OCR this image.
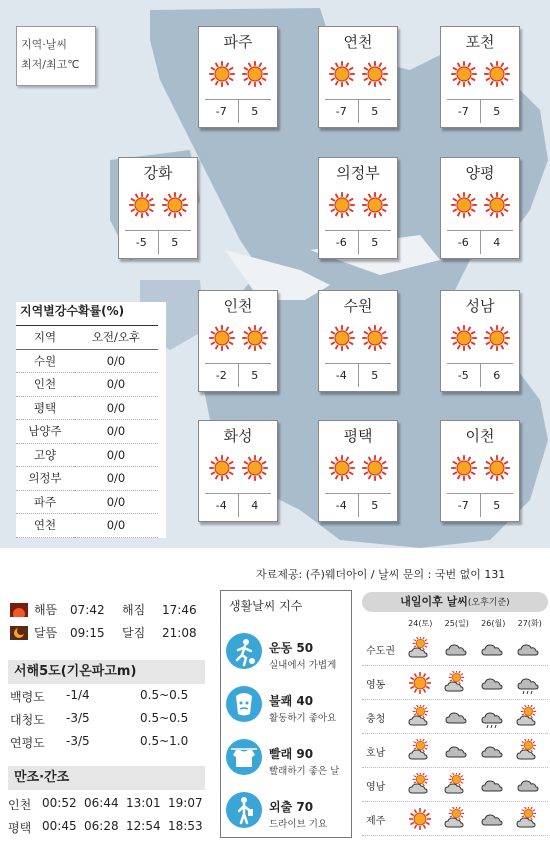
지역·날씨
최저/최고℃
파주
-7	5
연천
-7	5
포천
-7	5
강화
-5	5
의정부
-6	5
양평
-6	4
인천
-2	5
수원
-4	5
성남
-5	6
화성
-4	4
평택
-4	5
이천
-7	5
지역별강수확률(%)
지역	오전/오후
수원	0/0
인천	0/0
평택	0/0
남양주	0/0
고양	0/0
의정부	0/0
파주	0/0
연천	0/0
자료제공: (주)웨더아이 / 날씨 문의 : 국번 없이 131
해뜸	07:42	해짐	17:46
달뜸	09:15	달짐	21:08
서해5도(기온파고m)
백령도	-1/4	0.5~0.5
대청도	-3/5	0.5~0.5
연평도	-3/5	0.5~1.0
만조·간조
인천 00:52 06:44 13:01 19:07
평택 00:45 06:28 12:54 18:53
생활날씨 지수
운동 50
실내에서 가볍게
불쾌 40
활동하기 좋아요
빨래 90
빨래하기 좋은 날
외출 70
드라이브 기요
내일이후 날씨(오후기준)
24(토)	25(일)	26(월)	27(화)
수도권
영동
충청
호남
영남
제주
